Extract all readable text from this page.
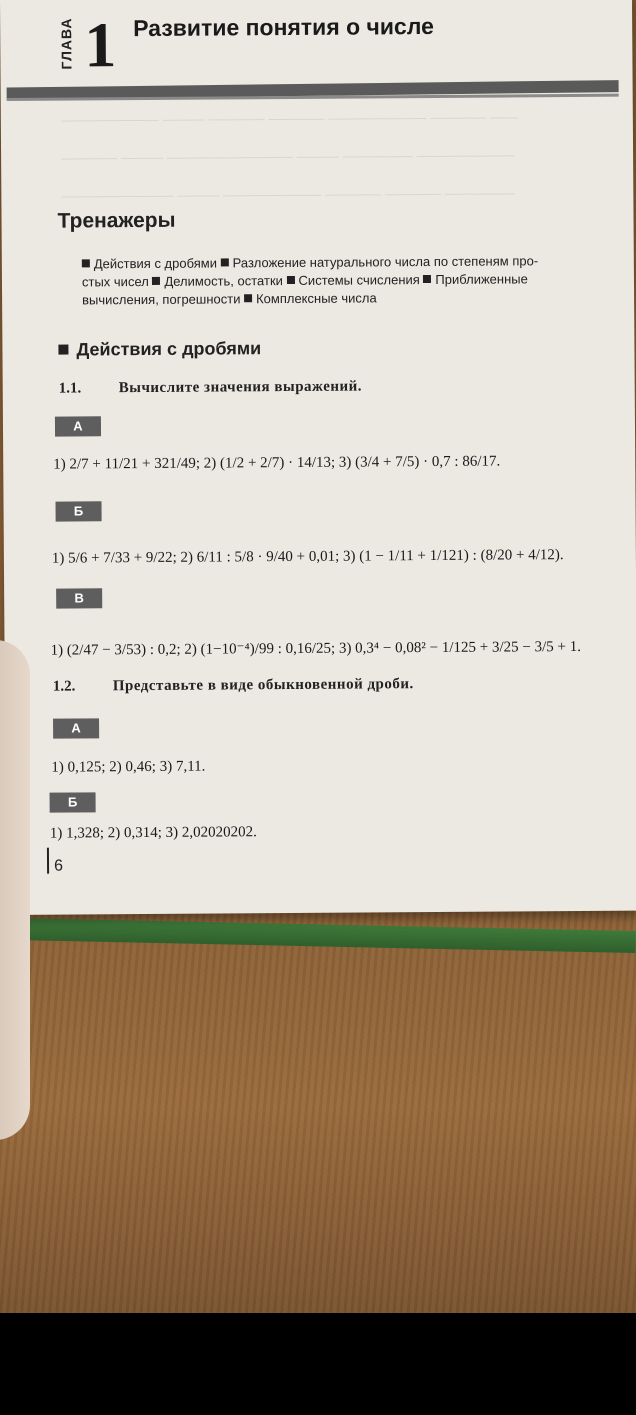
——————— ——— ———— ———— ——————— ———— ——
———— ——— ————————— ——— ————— ———————
———————— ——— ——————— ———— ———— —————
ГЛАВА 1 Развитие понятия о числе
Тренажеры
Действия с дробями Разложение натурального числа по степеням про-
стых чисел Делимость, остатки Системы счисления Приближенные
вычисления, погрешности Комплексные числа
Действия с дробями
1.1. Вычислите значения выражений.
А
1) 2/7 + 11/21 + 321/49; 2) (1/2 + 2/7) · 14/13; 3) (3/4 + 7/5) · 0,7 : 86/17.
Б
1) 5/6 + 7/33 + 9/22; 2) 6/11 : 5/8 · 9/40 + 0,01; 3) (1 − 1/11 + 1/121) : (8/20 + 4/12).
В
1) (2/47 − 3/53) : 0,2; 2) (1−10⁻⁴)/99 : 0,16/25; 3) 0,3⁴ − 0,08² − 1/125 + 3/25 − 3/5 + 1.
1.2. Представьте в виде обыкновенной дроби.
А
1) 0,125; 2) 0,46; 3) 7,11.
Б
1) 1,328; 2) 0,314; 3) 2,02020202.
6
